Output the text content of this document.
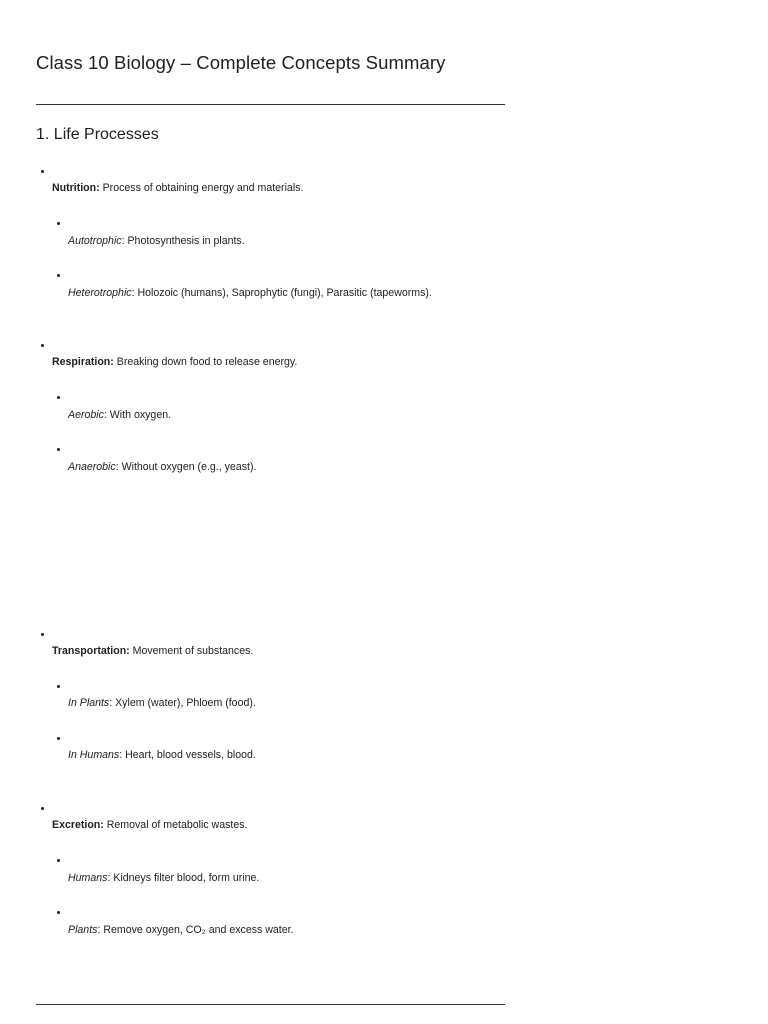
Class 10 Biology – Complete Concepts Summary
1. Life Processes
Nutrition: Process of obtaining energy and materials.
Autotrophic: Photosynthesis in plants.
Heterotrophic: Holozoic (humans), Saprophytic (fungi), Parasitic (tapeworms).
Respiration: Breaking down food to release energy.
Aerobic: With oxygen.
Anaerobic: Without oxygen (e.g., yeast).
Transportation: Movement of substances.
In Plants: Xylem (water), Phloem (food).
In Humans: Heart, blood vessels, blood.
Excretion: Removal of metabolic wastes.
Humans: Kidneys filter blood, form urine.
Plants: Remove oxygen, CO₂ and excess water.
